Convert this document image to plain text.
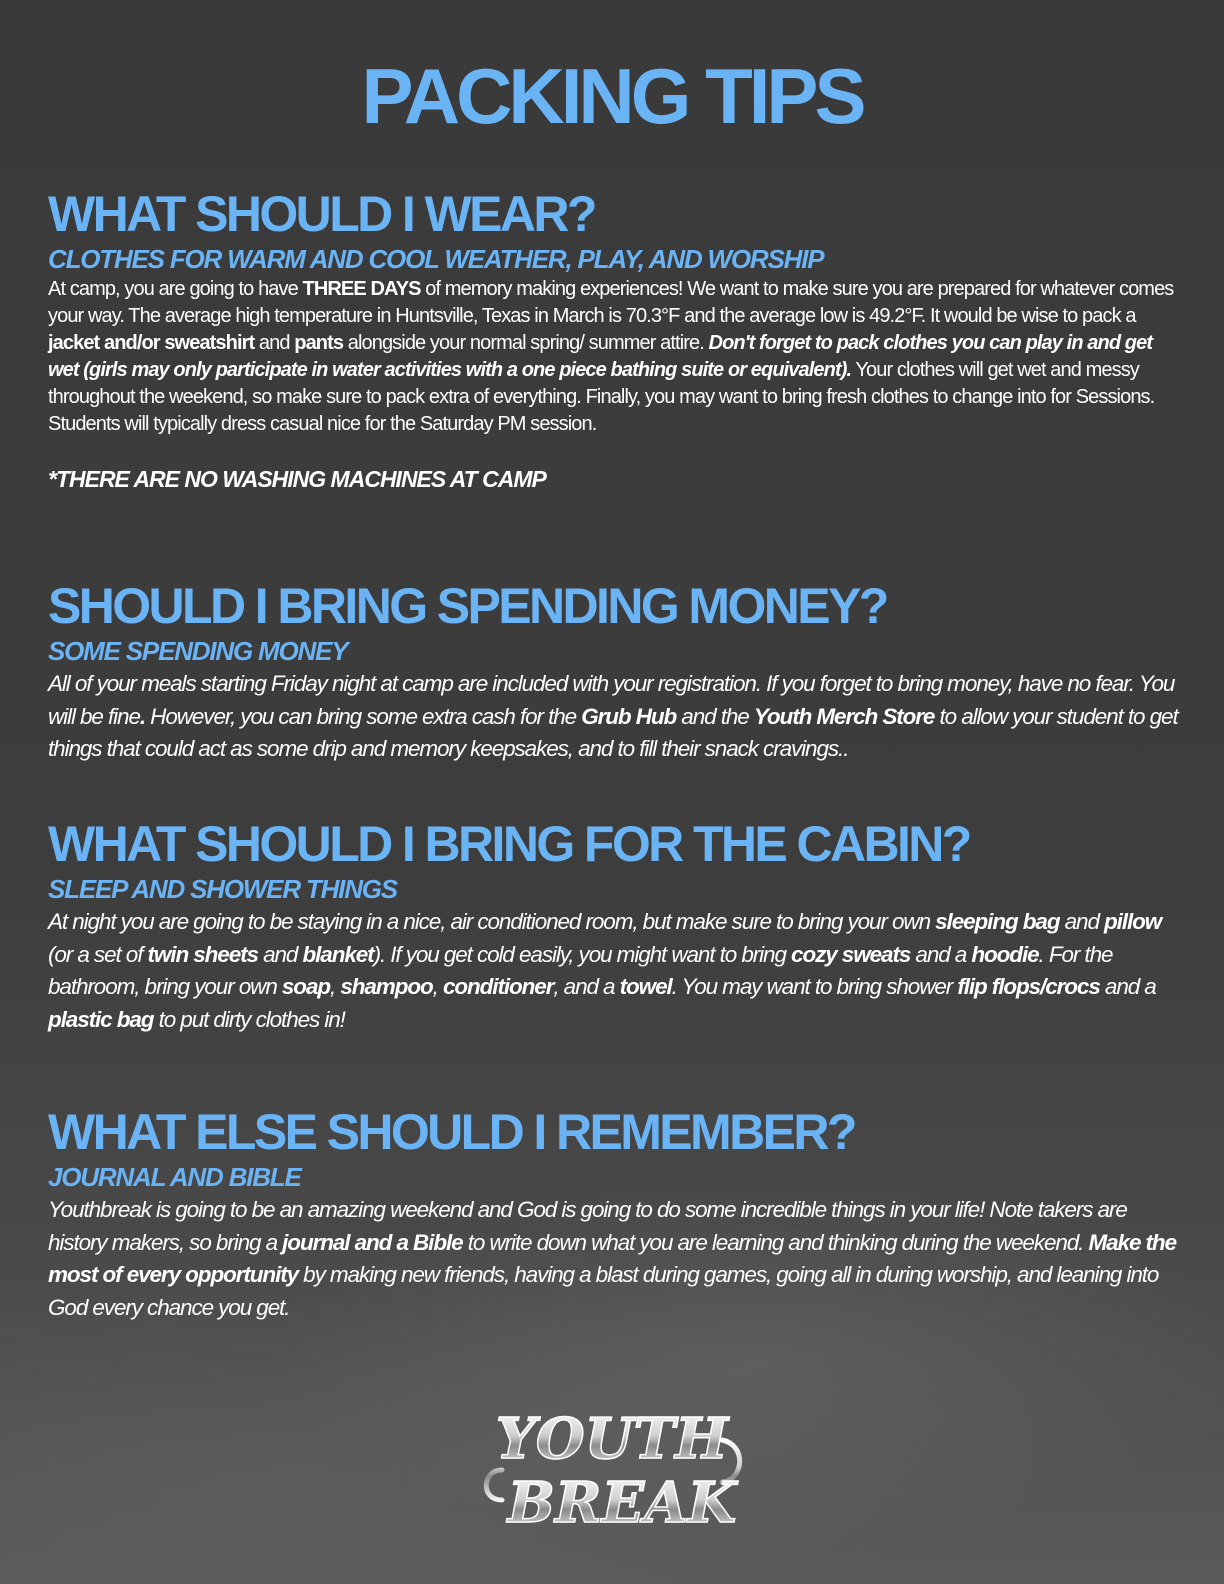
PACKING TIPS
WHAT SHOULD I WEAR?
CLOTHES FOR WARM AND COOL WEATHER, PLAY, AND WORSHIP

At camp, you are going to have THREE DAYS of memory making experiences! We want to make sure you are prepared for whatever comes your way. The average high temperature in Huntsville, Texas in March is 70.3°F and the average low is 49.2°F. It would be wise to pack a jacket and/or sweatshirt and pants alongside your normal spring/ summer attire. Don't forget to pack clothes you can play in and get wet (girls may only participate in water activities with a one piece bathing suite or equivalent). Your clothes will get wet and messy throughout the weekend, so make sure to pack extra of everything. Finally, you may want to bring fresh clothes to change into for Sessions. Students will typically dress casual nice for the Saturday PM session.

*THERE ARE NO WASHING MACHINES AT CAMP

SHOULD I BRING SPENDING MONEY?
SOME SPENDING MONEY

All of your meals starting Friday night at camp are included with your registration. If you forget to bring money, have no fear. You will be fine. However, you can bring some extra cash for the Grub Hub and the Youth Merch Store to allow your student to get things that could act as some drip and memory keepsakes, and to fill their snack cravings..

WHAT SHOULD I BRING FOR THE CABIN?
SLEEP AND SHOWER THINGS

At night you are going to be staying in a nice, air conditioned room, but make sure to bring your own sleeping bag and pillow (or a set of twin sheets and blanket). If you get cold easily, you might want to bring cozy sweats and a hoodie. For the bathroom, bring your own soap, shampoo, conditioner, and a towel. You may want to bring shower flip flops/crocs and a plastic bag to put dirty clothes in!

WHAT ELSE SHOULD I REMEMBER?
JOURNAL AND BIBLE

Youthbreak is going to be an amazing weekend and God is going to do some incredible things in your life! Note takers are history makers, so bring a journal and a Bible to write down what you are learning and thinking during the weekend. Make the most of every opportunity by making new friends, having a blast during games, going all in during worship, and leaning into God every chance you get.

YOUTH
BREAK
